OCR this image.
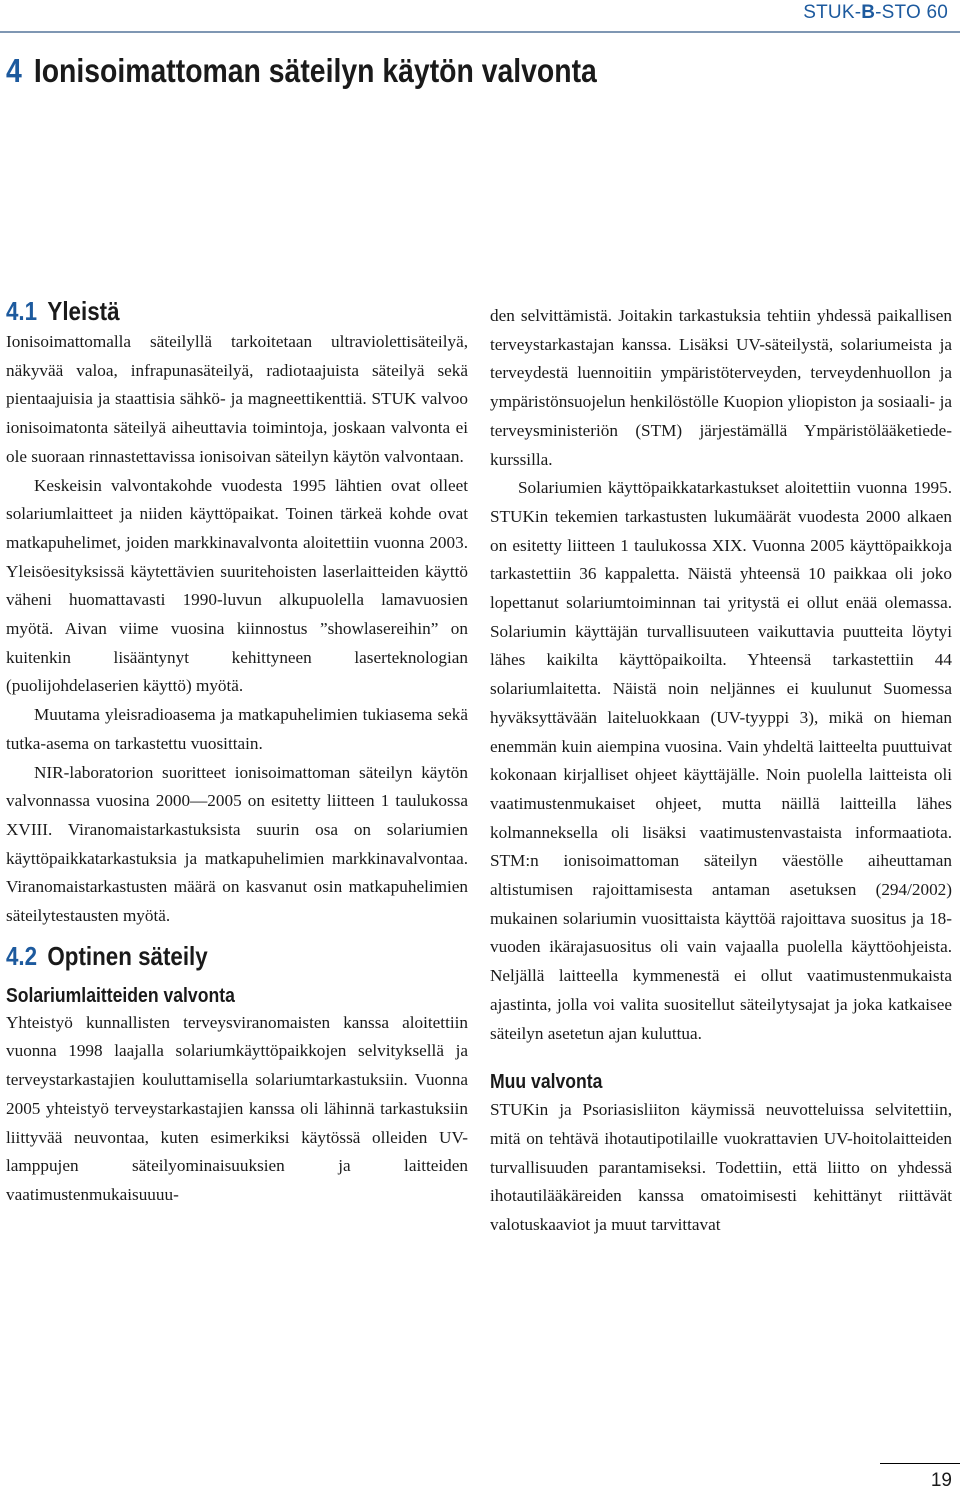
STUK-B-STO 60
4 Ionisoimattoman säteilyn käytön valvonta
4.1 Yleistä

Ionisoimattomalla säteilyllä tarkoitetaan ultraviolettisäteilyä, näkyvää valoa, infrapunasäteilyä, radiotaajuista säteilyä sekä pientaajuisia ja staattisia sähkö- ja magneettikenttiä. STUK valvoo ionisoimatonta säteilyä aiheuttavia toimintoja, joskaan valvonta ei ole suoraan rinnastettavissa ionisoivan säteilyn käytön valvontaan.

Keskeisin valvontakohde vuodesta 1995 lähtien ovat olleet solariumlaitteet ja niiden käyttöpaikat. Toinen tärkeä kohde ovat matkapuhelimet, joiden markkinavalvonta aloitettiin vuonna 2003. Yleisöesityksissä käytettävien suuritehoisten laserlaitteiden käyttö väheni huomattavasti 1990-luvun alkupuolella lamavuosien myötä. Aivan viime vuosina kiinnostus ”showlasereihin” on kuitenkin lisääntynyt kehittyneen laserteknologian (puolijohdelaserien käyttö) myötä.

Muutama yleisradioasema ja matkapuhelimien tukiasema sekä tutka-asema on tarkastettu vuosittain.

NIR-laboratorion suoritteet ionisoimattoman säteilyn käytön valvonnassa vuosina 2000—2005 on esitetty liitteen 1 taulukossa XVIII. Viranomaistarkastuksista suurin osa on solariumien käyttöpaikkatarkastuksia ja matkapuhelimien markkinavalvontaa. Viranomaistarkastusten määrä on kasvanut osin matkapuhelimien säteilytestausten myötä.

4.2 Optinen säteily
Solariumlaitteiden valvonta

Yhteistyö kunnallisten terveysviranomaisten kanssa aloitettiin vuonna 1998 laajalla solariumkäyttöpaikkojen selvityksellä ja terveystarkastajien kouluttamisella solariumtarkastuksiin. Vuonna 2005 yhteistyö terveystarkastajien kanssa oli lähinnä tarkastuksiin liittyvää neuvontaa, kuten esimerkiksi käytössä olleiden UV-lamppujen säteilyominaisuuksien ja laitteiden vaatimustenmukaisuuuu-

den selvittämistä. Joitakin tarkastuksia tehtiin yhdessä paikallisen terveystarkastajan kanssa. Lisäksi UV-säteilystä, solariumeista ja terveydestä luennoitiin ympäristöterveyden, terveydenhuollon ja ympäristönsuojelun henkilöstölle Kuopion yliopiston ja sosiaali- ja terveysministeriön (STM) järjestämällä Ympäristölääketiede-kurssilla.

Solariumien käyttöpaikkatarkastukset aloitettiin vuonna 1995. STUKin tekemien tarkastusten lukumäärät vuodesta 2000 alkaen on esitetty liitteen 1 taulukossa XIX. Vuonna 2005 käyttöpaikkoja tarkastettiin 36 kappaletta. Näistä yhteensä 10 paikkaa oli joko lopettanut solariumtoiminnan tai yritystä ei ollut enää olemassa. Solariumin käyttäjän turvallisuuteen vaikuttavia puutteita löytyi lähes kaikilta käyttöpaikoilta. Yhteensä tarkastettiin 44 solariumlaitetta. Näistä noin neljännes ei kuulunut Suomessa hyväksyttävään laiteluokkaan (UV-tyyppi 3), mikä on hieman enemmän kuin aiempina vuosina. Vain yhdeltä laitteelta puuttuivat kokonaan kirjalliset ohjeet käyttäjälle. Noin puolella laitteista oli vaatimustenmukaiset ohjeet, mutta näillä laitteilla lähes kolmanneksella oli lisäksi vaatimustenvastaista informaatiota. STM:n ionisoimattoman säteilyn väestölle aiheuttaman altistumisen rajoittamisesta antaman asetuksen (294/2002) mukainen solariumin vuosittaista käyttöä rajoittava suositus ja 18-vuoden ikärajasuositus oli vain vajaalla puolella käyttöohjeista. Neljällä laitteella kymmenestä ei ollut vaatimustenmukaista ajastinta, jolla voi valita suositellut säteilytysajat ja joka katkaisee säteilyn asetetun ajan kuluttua.

Muu valvonta

STUKin ja Psoriasisliiton käymissä neuvotteluissa selvitettiin, mitä on tehtävä ihotautipotilaille vuokrattavien UV-hoitolaitteiden turvallisuuden parantamiseksi. Todettiin, että liitto on yhdessä ihotautilääkäreiden kanssa omatoimisesti kehittänyt riittävät valotuskaaviot ja muut tarvittavat

19
